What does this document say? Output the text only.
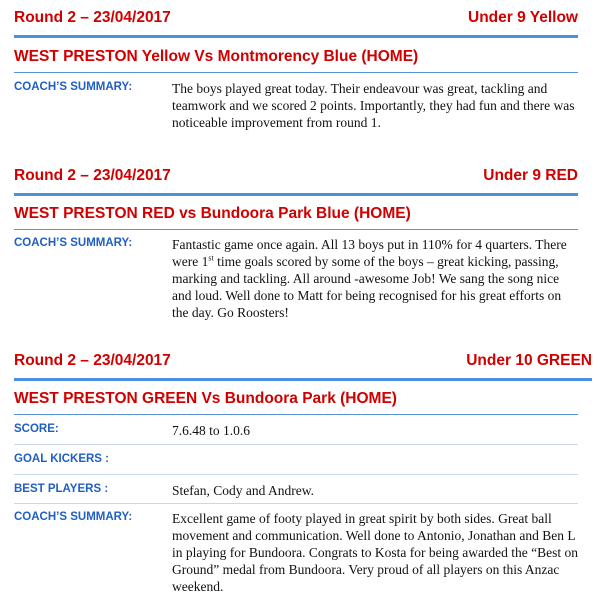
Round 2 – 23/04/2017	Under 9 Yellow
WEST PRESTON Yellow Vs Montmorency Blue (HOME)
COACH’S SUMMARY:	The boys played great today. Their endeavour was great, tackling and teamwork and we scored 2 points. Importantly, they had fun and there was noticeable improvement from round 1.
Round 2 – 23/04/2017	Under 9 RED
WEST PRESTON RED vs Bundoora Park Blue (HOME)
COACH’S SUMMARY:	Fantastic game once again. All 13 boys put in 110% for 4 quarters. There were 1st time goals scored by some of the boys – great kicking, passing, marking and tackling. All around -awesome Job! We sang the song nice and loud. Well done to Matt for being recognised for his great efforts on the day. Go Roosters!
Round 2 – 23/04/2017	Under 10 GREEN
WEST PRESTON GREEN Vs Bundoora Park (HOME)
SCORE:	7.6.48 to 1.0.6
GOAL KICKERS :
BEST PLAYERS :	Stefan, Cody and Andrew.
COACH’S SUMMARY:	Excellent game of footy played in great spirit by both sides. Great ball movement and communication. Well done to Antonio, Jonathan and Ben L in playing for Bundoora. Congrats to Kosta for being awarded the “Best on Ground” medal from Bundoora. Very proud of all players on this Anzac weekend.
